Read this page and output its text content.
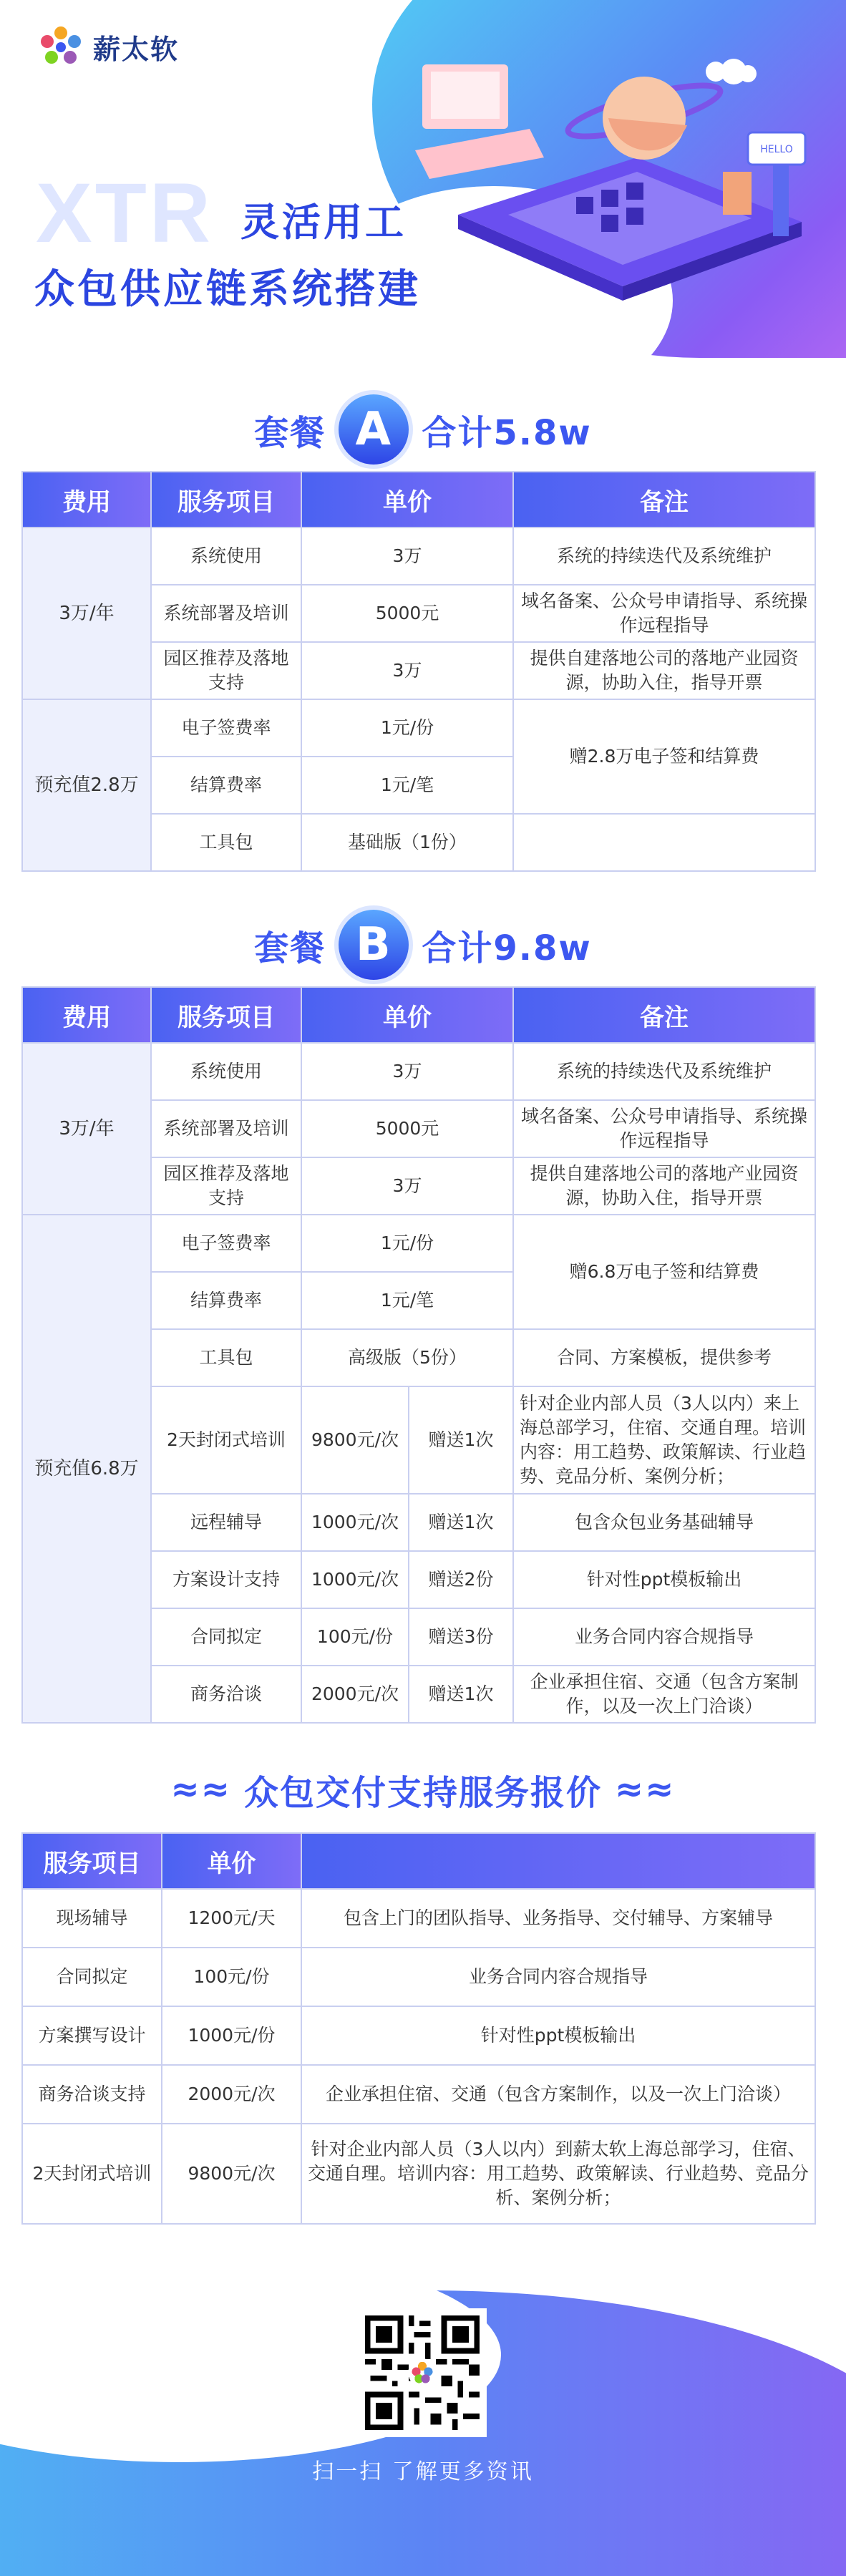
薪太软
XTR 灵活用工
众包供应链系统搭建
HELLO
套餐 A 合计5.8w
费用	服务项目	单价	备注
3万/年	系统使用	3万	系统的持续迭代及系统维护
	系统部署及培训	5000元	域名备案、公众号申请指导、系统操作远程指导
	园区推荐及落地支持	3万	提供自建落地公司的落地产业园资源，协助入住，指导开票
预充值2.8万	电子签费率	1元/份	赠2.8万电子签和结算费
	结算费率	1元/笔	
	工具包	基础版（1份）	
套餐 B 合计9.8w
费用	服务项目	单价		备注
3万/年	系统使用	3万		系统的持续迭代及系统维护
	系统部署及培训	5000元		域名备案、公众号申请指导、系统操作远程指导
	园区推荐及落地支持	3万		提供自建落地公司的落地产业园资源，协助入住，指导开票
预充值6.8万	电子签费率	1元/份		赠6.8万电子签和结算费
	结算费率	1元/笔		
	工具包	高级版（5份）		合同、方案模板，提供参考
	2天封闭式培训	9800元/次	赠送1次	针对企业内部人员（3人以内）来上海总部学习，住宿、交通自理。培训内容：用工趋势、政策解读、行业趋势、竞品分析、案例分析；
	远程辅导	1000元/次	赠送1次	包含众包业务基础辅导
	方案设计支持	1000元/次	赠送2份	针对性ppt模板输出
	合同拟定	100元/份	赠送3份	业务合同内容合规指导
	商务洽谈	2000元/次	赠送1次	企业承担住宿、交通（包含方案制作，以及一次上门洽谈）
≈≈ 众包交付支持服务报价 ≈≈
服务项目	单价	
现场辅导	1200元/天	包含上门的团队指导、业务指导、交付辅导、方案辅导
合同拟定	100元/份	业务合同内容合规指导
方案撰写设计	1000元/份	针对性ppt模板输出
商务洽谈支持	2000元/次	企业承担住宿、交通（包含方案制作，以及一次上门洽谈）
2天封闭式培训	9800元/次	针对企业内部人员（3人以内）到薪太软上海总部学习，住宿、交通自理。培训内容：用工趋势、政策解读、行业趋势、竞品分析、案例分析；
扫一扫 了解更多资讯
